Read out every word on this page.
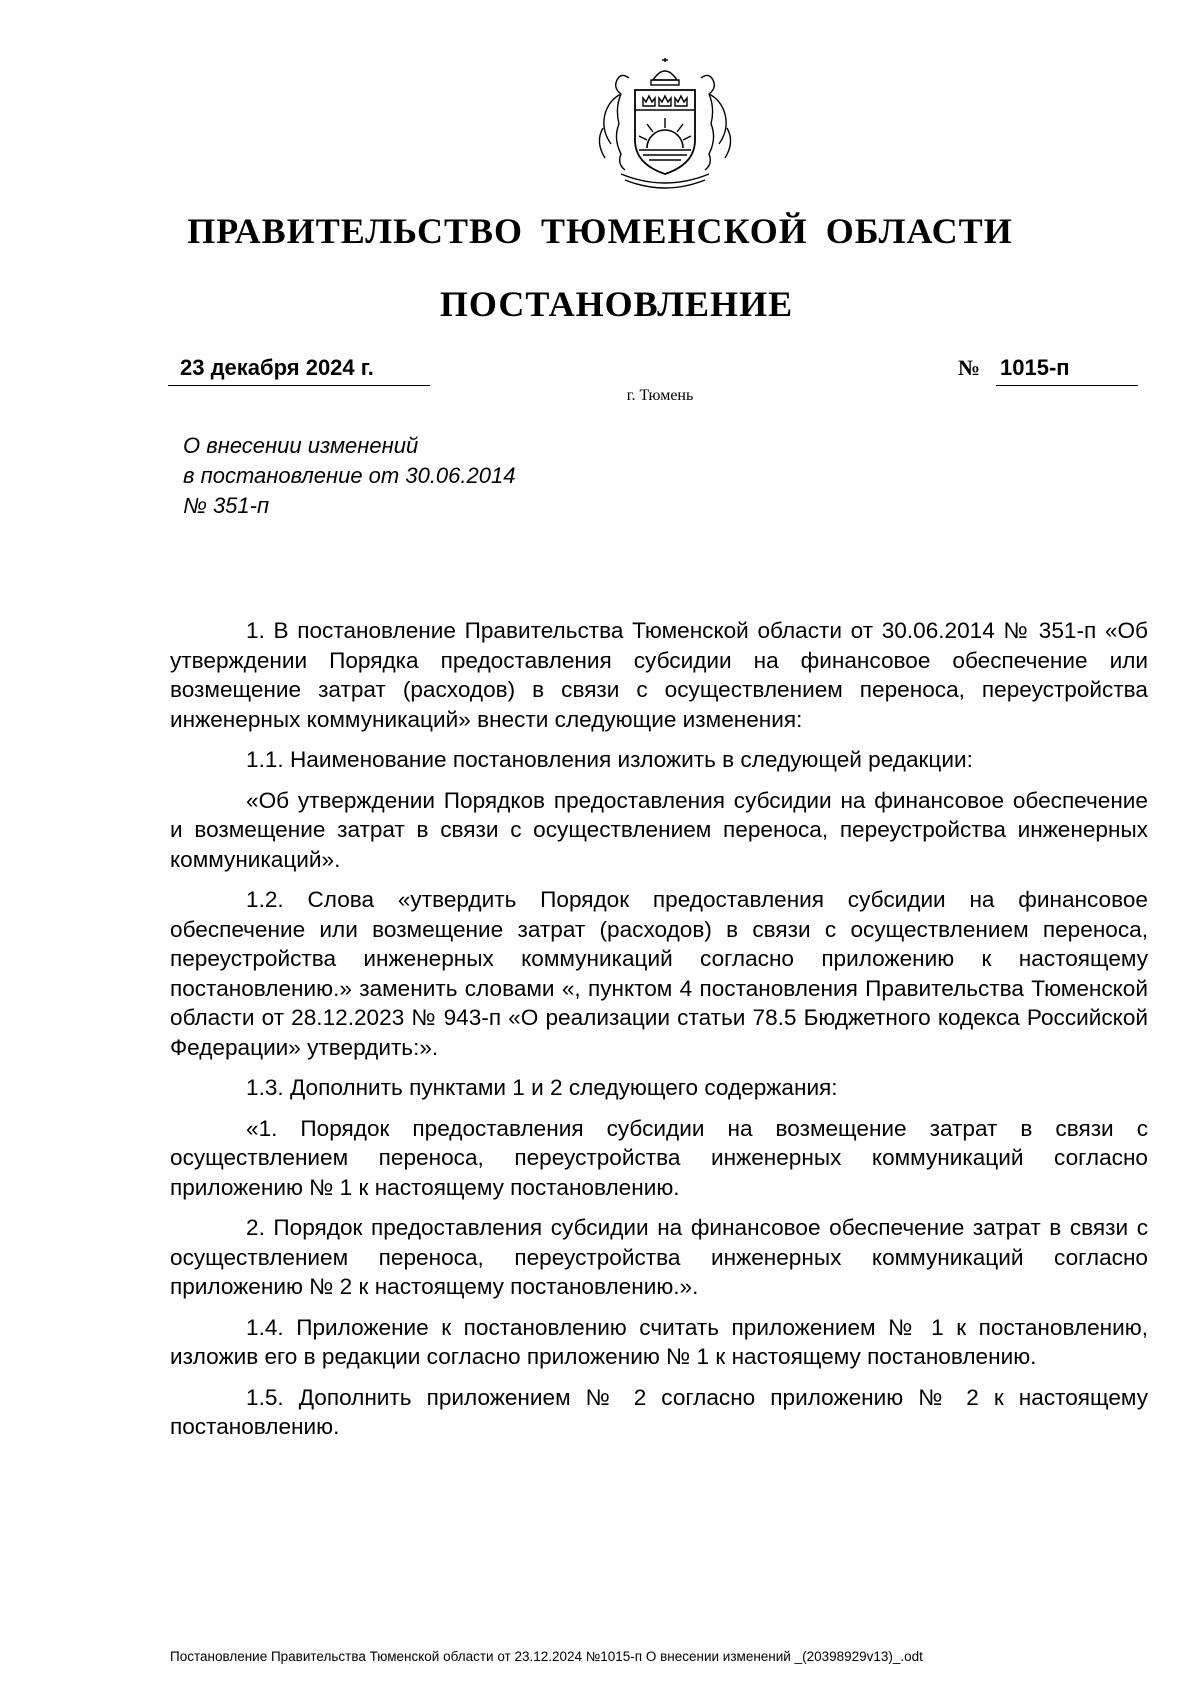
ПРАВИТЕЛЬСТВО ТЮМЕНСКОЙ ОБЛАСТИ
ПОСТАНОВЛЕНИЕ
23 декабря 2024 г.	№ 1015-п
г. Тюмень
О внесении изменений
в постановление от 30.06.2014
№ 351-п

1. В постановление Правительства Тюменской области от 30.06.2014 № 351-п «Об утверждении Порядка предоставления субсидии на финансовое обеспечение или возмещение затрат (расходов) в связи с осуществлением переноса, переустройства инженерных коммуникаций» внести следующие изменения:

1.1. Наименование постановления изложить в следующей редакции:

«Об утверждении Порядков предоставления субсидии на финансовое обеспечение и возмещение затрат в связи с осуществлением переноса, переустройства инженерных коммуникаций».

1.2. Слова «утвердить Порядок предоставления субсидии на финансовое обеспечение или возмещение затрат (расходов) в связи с осуществлением переноса, переустройства инженерных коммуникаций согласно приложению к настоящему постановлению.» заменить словами «, пунктом 4 постановления Правительства Тюменской области от 28.12.2023 № 943-п «О реализации статьи 78.5 Бюджетного кодекса Российской Федерации» утвердить:».

1.3. Дополнить пунктами 1 и 2 следующего содержания:

«1. Порядок предоставления субсидии на возмещение затрат в связи с осуществлением переноса, переустройства инженерных коммуникаций согласно приложению № 1 к настоящему постановлению.

2. Порядок предоставления субсидии на финансовое обеспечение затрат в связи с осуществлением переноса, переустройства инженерных коммуникаций согласно приложению № 2 к настоящему постановлению.».

1.4. Приложение к постановлению считать приложением № 1 к постановлению, изложив его в редакции согласно приложению № 1 к настоящему постановлению.

1.5. Дополнить приложением № 2 согласно приложению № 2 к настоящему постановлению.

Постановление Правительства Тюменской области от 23.12.2024 №1015-п О внесении изменений _(20398929v13)_.odt
